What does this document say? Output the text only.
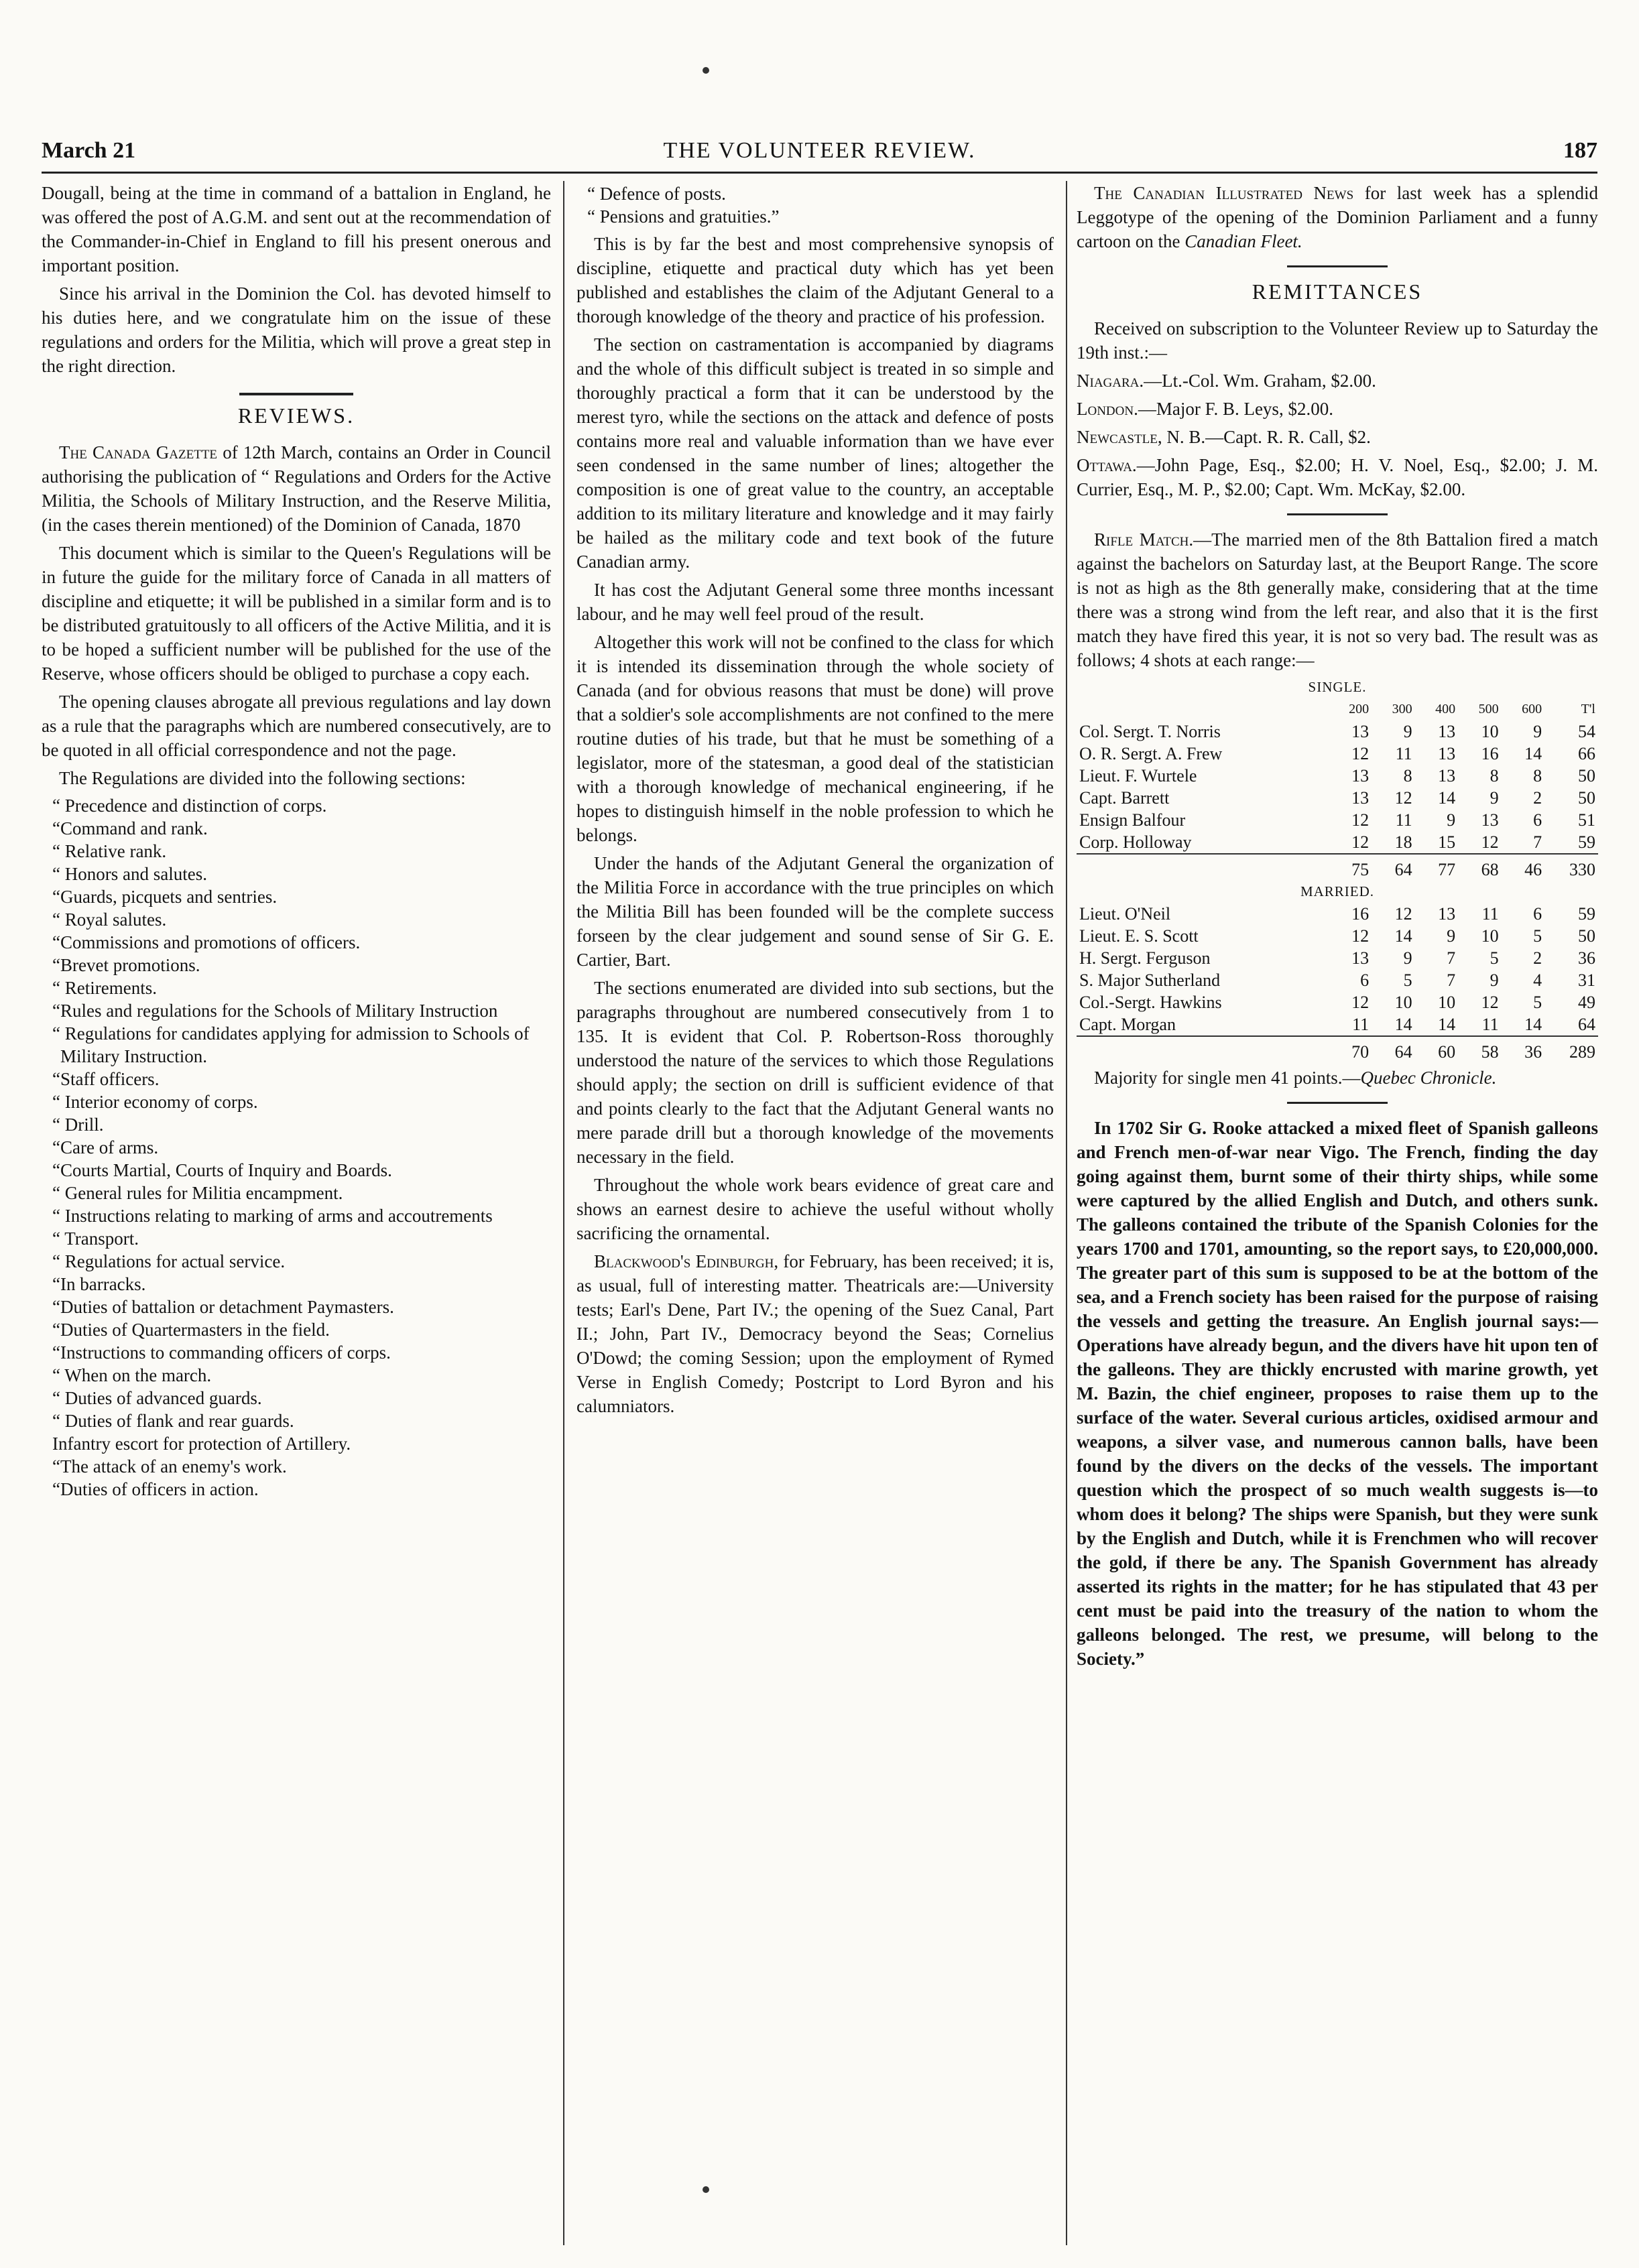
March 21	THE VOLUNTEER REVIEW.	187

Dougall, being at the time in command of a battalion in England, he was offered the post of A.G.M. and sent out at the recommendation of the Commander-in-Chief in England to fill his present onerous and important position.

Since his arrival in the Dominion the Col. has devoted himself to his duties here, and we congratulate him on the issue of these regulations and orders for the Militia, which will prove a great step in the right direction.

REVIEWS.

The Canada Gazette of 12th March, contains an Order in Council authorising the publication of “ Regulations and Orders for the Active Militia, the Schools of Military Instruction, and the Reserve Militia, (in the cases therein mentioned) of the Dominion of Canada, 1870

This document which is similar to the Queen's Regulations will be in future the guide for the military force of Canada in all matters of discipline and etiquette; it will be published in a similar form and is to be distributed gratuitously to all officers of the Active Militia, and it is to be hoped a sufficient number will be published for the use of the Reserve, whose officers should be obliged to purchase a copy each.

The opening clauses abrogate all previous regulations and lay down as a rule that the paragraphs which are numbered consecutively, are to be quoted in all official correspondence and not the page.

The Regulations are divided into the following sections:

“ Precedence and distinction of corps.
“Command and rank.
“ Relative rank.
“ Honors and salutes.
“Guards, picquets and sentries.
“ Royal salutes.
“Commissions and promotions of officers.
“Brevet promotions.
“ Retirements.
“Rules and regulations for the Schools of Military Instruction
“ Regulations for candidates applying for admission to Schools of Military Instruction.
“Staff officers.
“ Interior economy of corps.
“ Drill.
“Care of arms.
“Courts Martial, Courts of Inquiry and Boards.
“ General rules for Militia encampment.
“ Instructions relating to marking of arms and accoutrements
“ Transport.
“ Regulations for actual service.
“In barracks.
“Duties of battalion or detachment Paymasters.
“Duties of Quartermasters in the field.
“Instructions to commanding officers of corps.
“ When on the march.
“ Duties of advanced guards.
“ Duties of flank and rear guards.
Infantry escort for protection of Artillery.
“The attack of an enemy's work.
“Duties of officers in action.
“ Defence of posts.
“ Pensions and gratuities.”

This is by far the best and most comprehensive synopsis of discipline, etiquette and practical duty which has yet been published and establishes the claim of the Adjutant General to a thorough knowledge of the theory and practice of his profession.

The section on castramentation is accompanied by diagrams and the whole of this difficult subject is treated in so simple and thoroughly practical a form that it can be understood by the merest tyro, while the sections on the attack and defence of posts contains more real and valuable information than we have ever seen condensed in the same number of lines; altogether the composition is one of great value to the country, an acceptable addition to its military literature and knowledge and it may fairly be hailed as the military code and text book of the future Canadian army.

It has cost the Adjutant General some three months incessant labour, and he may well feel proud of the result.

Altogether this work will not be confined to the class for which it is intended its dissemination through the whole society of Canada (and for obvious reasons that must be done) will prove that a soldier's sole accomplishments are not confined to the mere routine duties of his trade, but that he must be something of a legislator, more of the statesman, a good deal of the statistician with a thorough knowledge of mechanical engineering, if he hopes to distinguish himself in the noble profession to which he belongs.

Under the hands of the Adjutant General the organization of the Militia Force in accordance with the true principles on which the Militia Bill has been founded will be the complete success forseen by the clear judgement and sound sense of Sir G. E. Cartier, Bart.

The sections enumerated are divided into sub sections, but the paragraphs throughout are numbered consecutively from 1 to 135. It is evident that Col. P. Robertson-Ross thoroughly understood the nature of the services to which those Regulations should apply; the section on drill is sufficient evidence of that and points clearly to the fact that the Adjutant General wants no mere parade drill but a thorough knowledge of the movements necessary in the field.

Throughout the whole work bears evidence of great care and shows an earnest desire to achieve the useful without wholly sacrificing the ornamental.

Blackwood's Edinburgh, for February, has been received; it is, as usual, full of interesting matter. Theatricals are:—University tests; Earl's Dene, Part IV.; the opening of the Suez Canal, Part II.; John, Part IV., Democracy beyond the Seas; Cornelius O'Dowd; the coming Session; upon the employment of Rymed Verse in English Comedy; Postcript to Lord Byron and his calumniators.

The Canadian Illustrated News for last week has a splendid Leggotype of the opening of the Dominion Parliament and a funny cartoon on the Canadian Fleet.

REMITTANCES

Received on subscription to the Volunteer Review up to Saturday the 19th inst.:—

Niagara.—Lt.-Col. Wm. Graham, $2.00.

London.—Major F. B. Leys, $2.00.

Newcastle, N. B.—Capt. R. R. Call, $2.

Ottawa.—John Page, Esq., $2.00; H. V. Noel, Esq., $2.00; J. M. Currier, Esq., M. P., $2.00; Capt. Wm. McKay, $2.00.

Rifle Match.—The married men of the 8th Battalion fired a match against the bachelors on Saturday last, at the Beuport Range. The score is not as high as the 8th generally make, considering that at the time there was a strong wind from the left rear, and also that it is the first match they have fired this year, it is not so very bad. The result was as follows; 4 shots at each range:—

SINGLE.						
	200	300	400	500	600	T'l
Col. Sergt. T. Norris	13	9	13	10	9	54
O. R. Sergt. A. Frew	12	11	13	16	14	66
Lieut. F. Wurtele	13	8	13	8	8	50
Capt. Barrett	13	12	14	9	2	50
Ensign Balfour	12	11	9	13	6	51
Corp. Holloway	12	18	15	12	7	59
	75	64	77	68	46	330
MARRIED.						
Lieut. O'Neil	16	12	13	11	6	59
Lieut. E. S. Scott	12	14	9	10	5	50
H. Sergt. Ferguson	13	9	7	5	2	36
S. Major Sutherland	6	5	7	9	4	31
Col.-Sergt. Hawkins	12	10	10	12	5	49
Capt. Morgan	11	14	14	11	14	64
	70	64	60	58	36	289

Majority for single men 41 points.—Quebec Chronicle.

In 1702 Sir G. Rooke attacked a mixed fleet of Spanish galleons and French men-of-war near Vigo. The French, finding the day going against them, burnt some of their thirty ships, while some were captured by the allied English and Dutch, and others sunk. The galleons contained the tribute of the Spanish Colonies for the years 1700 and 1701, amounting, so the report says, to £20,000,000. The greater part of this sum is supposed to be at the bottom of the sea, and a French society has been raised for the purpose of raising the vessels and getting the treasure. An English journal says:— Operations have already begun, and the divers have hit upon ten of the galleons. They are thickly encrusted with marine growth, yet M. Bazin, the chief engineer, proposes to raise them up to the surface of the water. Several curious articles, oxidised armour and weapons, a silver vase, and numerous cannon balls, have been found by the divers on the decks of the vessels. The important question which the prospect of so much wealth suggests is—to whom does it belong? The ships were Spanish, but they were sunk by the English and Dutch, while it is Frenchmen who will recover the gold, if there be any. The Spanish Government has already asserted its rights in the matter; for he has stipulated that 43 per cent must be paid into the treasury of the nation to whom the galleons belonged. The rest, we presume, will belong to the Society.”
